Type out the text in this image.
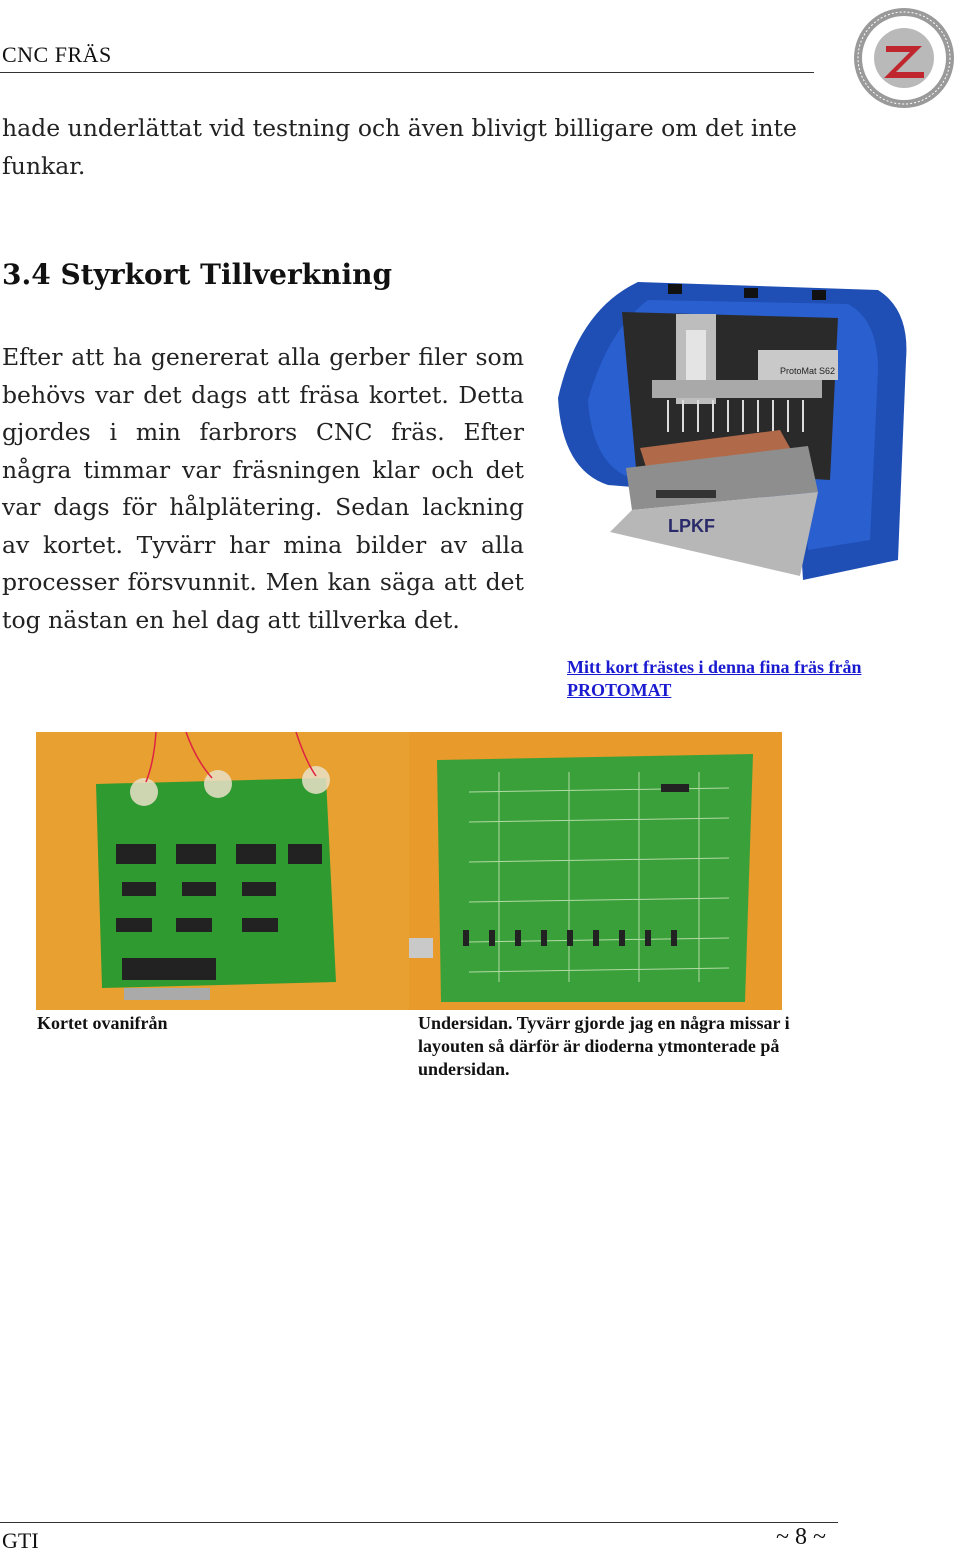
CNC FRÄS
hade underlättat vid testning och även blivigt billigare om det inte funkar.
3.4 Styrkort Tillverkning
Efter att ha genererat alla gerber filer som behövs var det dags att fräsa kortet. Detta gjordes i min farbrors CNC fräs. Efter några timmar var fräsningen klar och det var dags för hålplätering. Sedan lackning av kortet. Tyvärr har mina bilder av alla processer försvunnit. Men kan säga att det tog nästan en hel dag att tillverka det.
LPKF
ProtoMat S62
Mitt kort frästes i denna fina fräs från PROTOMAT
Kortet ovanifrån	Undersidan. Tyvärr gjorde jag en några missar i layouten så därför är dioderna ytmonterade på undersidan.
GTI	~ 8 ~
